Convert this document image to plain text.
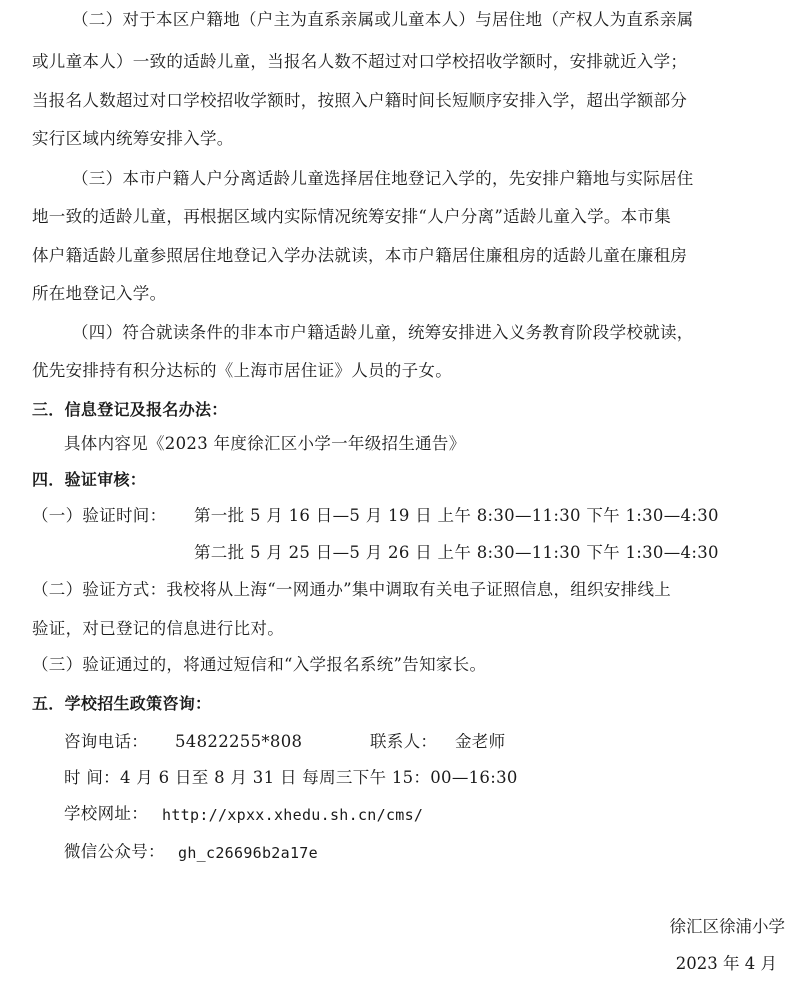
（二）对于本区户籍地（户主为直系亲属或儿童本人）与居住地（产权人为直系亲属
或儿童本人）一致的适龄儿童，当报名人数不超过对口学校招收学额时，安排就近入学；
当报名人数超过对口学校招收学额时，按照入户籍时间长短顺序安排入学，超出学额部分
实行区域内统筹安排入学。
（三）本市户籍人户分离适龄儿童选择居住地登记入学的，先安排户籍地与实际居住
地一致的适龄儿童，再根据区域内实际情况统筹安排“人户分离”适龄儿童入学。本市集
体户籍适龄儿童参照居住地登记入学办法就读，本市户籍居住廉租房的适龄儿童在廉租房
所在地登记入学。
（四）符合就读条件的非本市户籍适龄儿童，统筹安排进入义务教育阶段学校就读，
优先安排持有积分达标的《上海市居住证》人员的子女。
三．信息登记及报名办法：
具体内容见《2023 年度徐汇区小学一年级招生通告》
四．验证审核：
（一）验证时间： 第一批 5 月 16 日—5 月 19 日 上午 8:30—11:30 下午 1:30—4:30
第二批 5 月 25 日—5 月 26 日 上午 8:30—11:30 下午 1:30—4:30
（二）验证方式：我校将从上海“一网通办”集中调取有关电子证照信息，组织安排线上
验证，对已登记的信息进行比对。
（三）验证通过的，将通过短信和“入学报名系统”告知家长。
五．学校招生政策咨询：
咨询电话： 54822255*808	联系人： 金老师
时 间：4 月 6 日至 8 月 31 日 每周三下午 15：00—16:30
学校网址： http://xpxx.xhedu.sh.cn/cms/
微信公众号： gh_c26696b2a17e
徐汇区徐浦小学
2023 年 4 月
